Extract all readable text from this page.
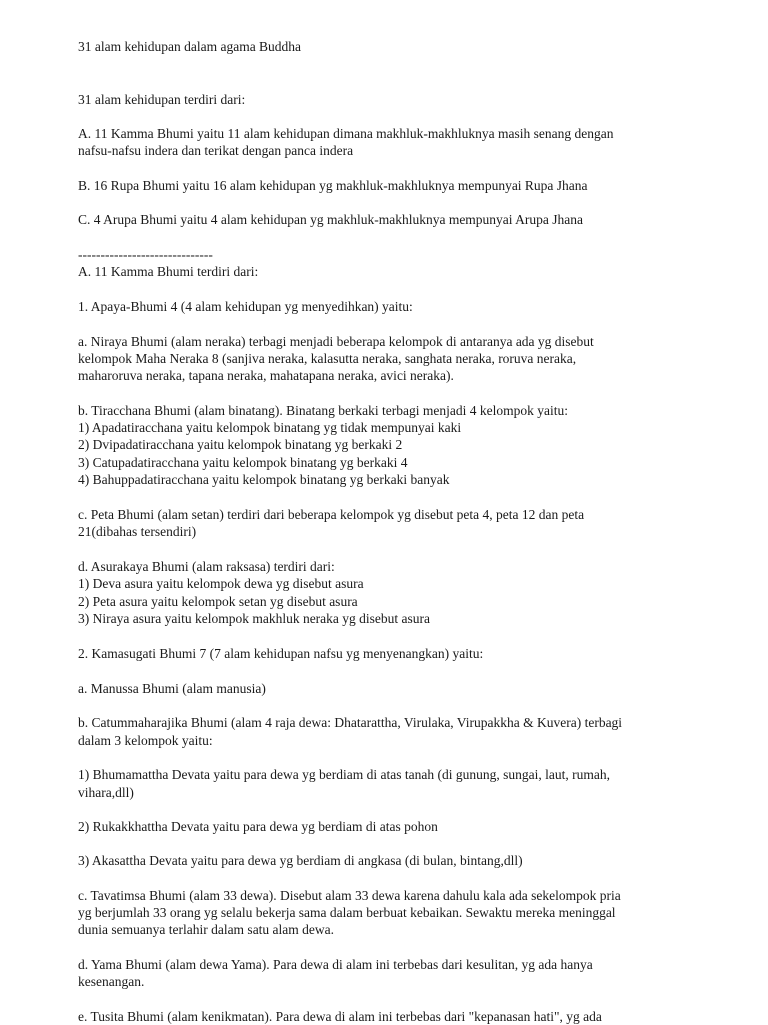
31 alam kehidupan dalam agama Buddha
31 alam kehidupan terdiri dari:
A. 11 Kamma Bhumi yaitu 11 alam kehidupan dimana makhluk-makhluknya masih senang dengan
nafsu-nafsu indera dan terikat dengan panca indera
B. 16 Rupa Bhumi yaitu 16 alam kehidupan yg makhluk-makhluknya mempunyai Rupa Jhana
C. 4 Arupa Bhumi yaitu 4 alam kehidupan yg makhluk-makhluknya mempunyai Arupa Jhana
------------------------------
A. 11 Kamma Bhumi terdiri dari:
1. Apaya-Bhumi 4 (4 alam kehidupan yg menyedihkan) yaitu:
a. Niraya Bhumi (alam neraka) terbagi menjadi beberapa kelompok di antaranya ada yg disebut
kelompok Maha Neraka 8 (sanjiva neraka, kalasutta neraka, sanghata neraka, roruva neraka,
maharoruva neraka, tapana neraka, mahatapana neraka, avici neraka).
b. Tiracchana Bhumi (alam binatang). Binatang berkaki terbagi menjadi 4 kelompok yaitu:
1) Apadatiracchana yaitu kelompok binatang yg tidak mempunyai kaki
2) Dvipadatiracchana yaitu kelompok binatang yg berkaki 2
3) Catupadatiracchana yaitu kelompok binatang yg berkaki 4
4) Bahuppadatiracchana yaitu kelompok binatang yg berkaki banyak
c. Peta Bhumi (alam setan) terdiri dari beberapa kelompok yg disebut peta 4, peta 12 dan peta
21(dibahas tersendiri)
d. Asurakaya Bhumi (alam raksasa) terdiri dari:
1) Deva asura yaitu kelompok dewa yg disebut asura
2) Peta asura yaitu kelompok setan yg disebut asura
3) Niraya asura yaitu kelompok makhluk neraka yg disebut asura
2. Kamasugati Bhumi 7 (7 alam kehidupan nafsu yg menyenangkan) yaitu:
a. Manussa Bhumi (alam manusia)
b. Catummaharajika Bhumi (alam 4 raja dewa: Dhatarattha, Virulaka, Virupakkha & Kuvera) terbagi
dalam 3 kelompok yaitu:
1) Bhumamattha Devata yaitu para dewa yg berdiam di atas tanah (di gunung, sungai, laut, rumah,
vihara,dll)
2) Rukakkhattha Devata yaitu para dewa yg berdiam di atas pohon
3) Akasattha Devata yaitu para dewa yg berdiam di angkasa (di bulan, bintang,dll)
c. Tavatimsa Bhumi (alam 33 dewa). Disebut alam 33 dewa karena dahulu kala ada sekelompok pria
yg berjumlah 33 orang yg selalu bekerja sama dalam berbuat kebaikan. Sewaktu mereka meninggal
dunia semuanya terlahir dalam satu alam dewa.
d. Yama Bhumi (alam dewa Yama). Para dewa di alam ini terbebas dari kesulitan, yg ada hanya
kesenangan.
e. Tusita Bhumi (alam kenikmatan). Para dewa di alam ini terbebas dari "kepanasan hati", yg ada
